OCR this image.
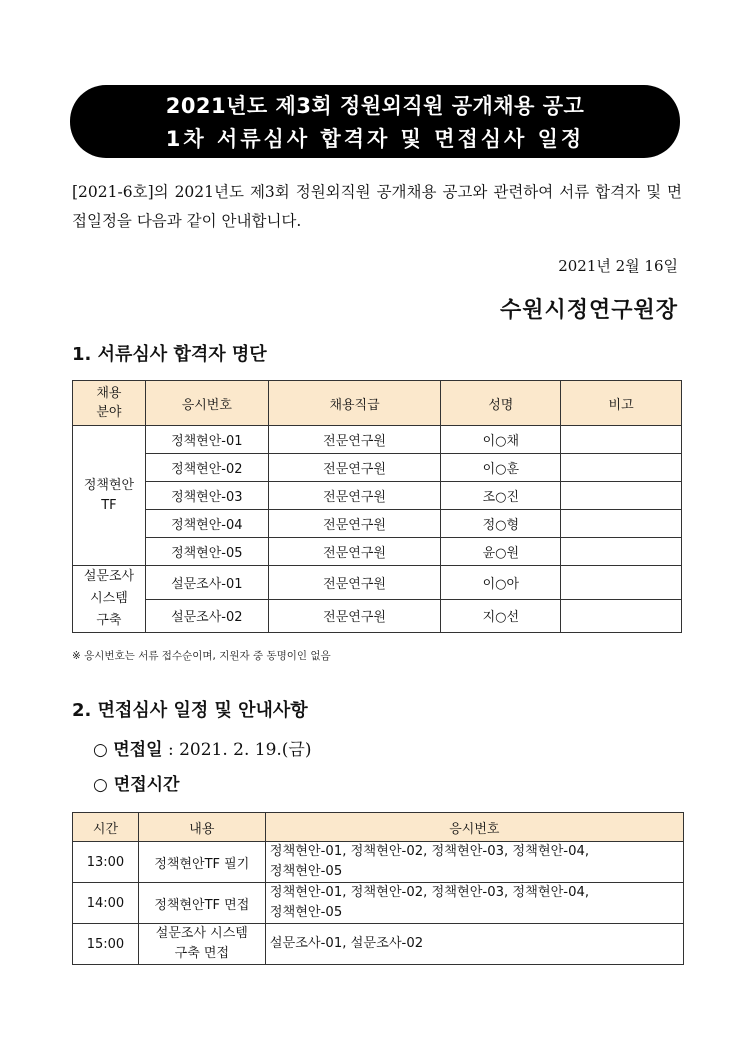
2021년도 제3회 정원외직원 공개채용 공고
1차 서류심사 합격자 및 면접심사 일정
[2021-6호]의 2021년도 제3회 정원외직원 공개채용 공고와 관련하여 서류 합격자 및 면접일정을 다음과 같이 안내합니다.
2021년 2월 16일
수원시정연구원장
1. 서류심사 합격자 명단
채용
분야	응시번호	채용직급	성명	비고
정책현안
TF	정책현안-01	전문연구원	이○채	
	정책현안-02	전문연구원	이○훈	
	정책현안-03	전문연구원	조○진	
	정책현안-04	전문연구원	정○형	
	정책현안-05	전문연구원	윤○원	
설문조사
시스템
구축	설문조사-01	전문연구원	이○아	
	설문조사-02	전문연구원	지○선	
※ 응시번호는 서류 접수순이며, 지원자 중 동명이인 없음
2. 면접심사 일정 및 안내사항
○ 면접일 : 2021. 2. 19.(금)
○ 면접시간
시간	내용	응시번호
13:00	정책현안TF 필기	정책현안-01, 정책현안-02, 정책현안-03, 정책현안-04,
정책현안-05
14:00	정책현안TF 면접	정책현안-01, 정책현안-02, 정책현안-03, 정책현안-04,
정책현안-05
15:00	설문조사 시스템
구축 면접	설문조사-01, 설문조사-02
